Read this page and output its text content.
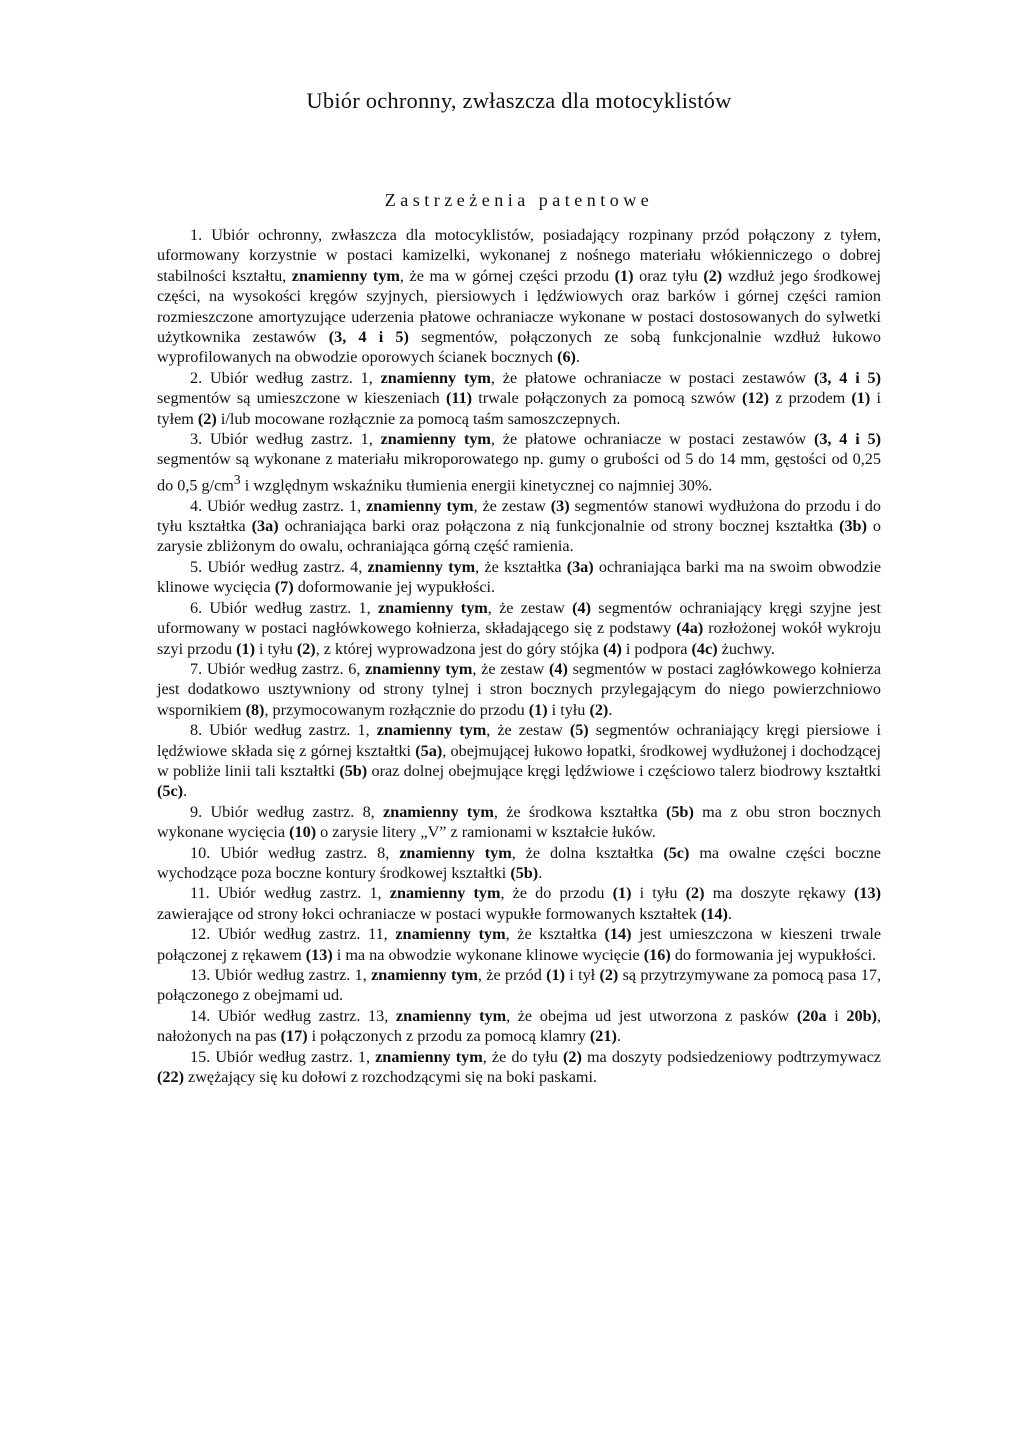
Ubiór ochronny, zwłaszcza dla motocyklistów
Zastrzeżenia patentowe

1. Ubiór ochronny, zwłaszcza dla motocyklistów, posiadający rozpinany przód połączony z tyłem, uformowany korzystnie w postaci kamizelki, wykonanej z nośnego materiału włókienniczego o dobrej stabilności kształtu, znamienny tym, że ma w górnej części przodu (1) oraz tyłu (2) wzdłuż jego środkowej części, na wysokości kręgów szyjnych, piersiowych i lędźwiowych oraz barków i górnej części ramion rozmieszczone amortyzujące uderzenia płatowe ochraniacze wykonane w postaci dostosowanych do sylwetki użytkownika zestawów (3, 4 i 5) segmentów, połączonych ze sobą funkcjonalnie wzdłuż łukowo wyprofilowanych na obwodzie oporowych ścianek bocznych (6).

2. Ubiór według zastrz. 1, znamienny tym, że płatowe ochraniacze w postaci zestawów (3, 4 i 5) segmentów są umieszczone w kieszeniach (11) trwale połączonych za pomocą szwów (12) z przodem (1) i tyłem (2) i/lub mocowane rozłącznie za pomocą taśm samoszczepnych.

3. Ubiór według zastrz. 1, znamienny tym, że płatowe ochraniacze w postaci zestawów (3, 4 i 5) segmentów są wykonane z materiału mikroporowatego np. gumy o grubości od 5 do 14 mm, gęstości od 0,25 do 0,5 $g/cm^3$ i względnym wskaźniku tłumienia energii kinetycznej co najmniej 30%.

4. Ubiór według zastrz. 1, znamienny tym, że zestaw (3) segmentów stanowi wydłużona do przodu i do tyłu kształtka (3a) ochraniająca barki oraz połączona z nią funkcjonalnie od strony bocznej kształtka (3b) o zarysie zbliżonym do owalu, ochraniająca górną część ramienia.

5. Ubiór według zastrz. 4, znamienny tym, że kształtka (3a) ochraniająca barki ma na swoim obwodzie klinowe wycięcia (7) doformowanie jej wypukłości.

6. Ubiór według zastrz. 1, znamienny tym, że zestaw (4) segmentów ochraniający kręgi szyjne jest uformowany w postaci nagłówkowego kołnierza, składającego się z podstawy (4a) rozłożonej wokół wykroju szyi przodu (1) i tyłu (2), z której wyprowadzona jest do góry stójka (4) i podpora (4c) żuchwy.

7. Ubiór według zastrz. 6, znamienny tym, że zestaw (4) segmentów w postaci zagłówkowego kołnierza jest dodatkowo usztywniony od strony tylnej i stron bocznych przylegającym do niego powierzchniowo wspornikiem (8), przymocowanym rozłącznie do przodu (1) i tyłu (2).

8. Ubiór według zastrz. 1, znamienny tym, że zestaw (5) segmentów ochraniający kręgi piersiowe i lędźwiowe składa się z górnej kształtki (5a), obejmującej łukowo łopatki, środkowej wydłużonej i dochodzącej w pobliże linii tali kształtki (5b) oraz dolnej obejmujące kręgi lędźwiowe i częściowo talerz biodrowy kształtki (5c).

9. Ubiór według zastrz. 8, znamienny tym, że środkowa kształtka (5b) ma z obu stron bocznych wykonane wycięcia (10) o zarysie litery „V” z ramionami w kształcie łuków.

10. Ubiór według zastrz. 8, znamienny tym, że dolna kształtka (5c) ma owalne części boczne wychodzące poza boczne kontury środkowej kształtki (5b).

11. Ubiór według zastrz. 1, znamienny tym, że do przodu (1) i tyłu (2) ma doszyte rękawy (13) zawierające od strony łokci ochraniacze w postaci wypukłe formowanych kształtek (14).

12. Ubiór według zastrz. 11, znamienny tym, że kształtka (14) jest umieszczona w kieszeni trwale połączonej z rękawem (13) i ma na obwodzie wykonane klinowe wycięcie (16) do formowania jej wypukłości.

13. Ubiór według zastrz. 1, znamienny tym, że przód (1) i tył (2) są przytrzymywane za pomocą pasa 17, połączonego z obejmami ud.

14. Ubiór według zastrz. 13, znamienny tym, że obejma ud jest utworzona z pasków (20a i 20b), nałożonych na pas (17) i połączonych z przodu za pomocą klamry (21).

15. Ubiór według zastrz. 1, znamienny tym, że do tyłu (2) ma doszyty podsiedzeniowy podtrzymywacz (22) zwężający się ku dołowi z rozchodzącymi się na boki paskami.
